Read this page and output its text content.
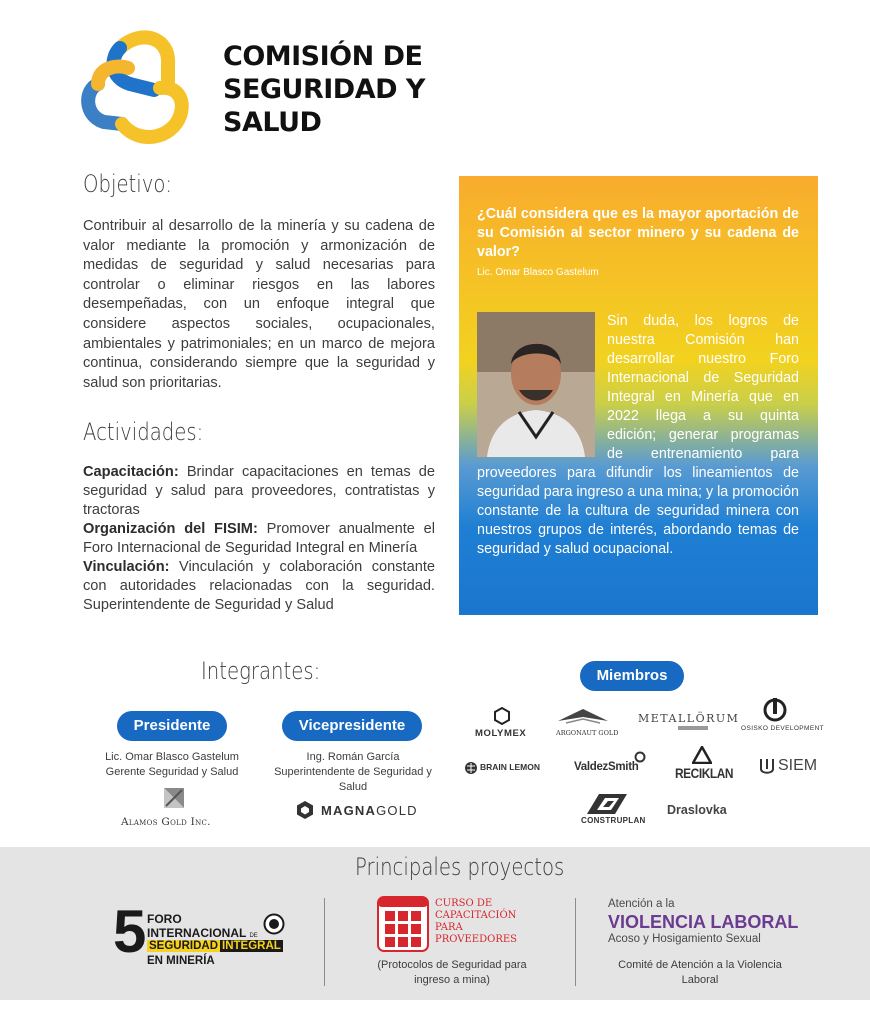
COMISIÓN DE
SEGURIDAD Y
SALUD
Objetivo:
Contribuir al desarrollo de la minería y su cadena de valor mediante la promoción y armonización de medidas de seguridad y salud necesarias para controlar o eliminar riesgos en las labores desempeñadas, con un enfoque integral que considere aspectos sociales, ocupacionales, ambientales y patrimoniales; en un marco de mejora continua, considerando siempre que la seguridad y salud son prioritarias.
Actividades:
Capacitación: Brindar capacitaciones en temas de seguridad y salud para proveedores, contratistas y tractoras
Organización del FISIM: Promover anualmente el Foro Internacional de Seguridad Integral en Minería
Vinculación: Vinculación y colaboración constante con autoridades relacionadas con la seguridad. Superintendente de Seguridad y Salud
¿Cuál considera que es la mayor aportación de su Comisión al sector minero y su cadena de valor?
Lic. Omar Blasco Gastelum
Sin duda, los logros de nuestra Comisión han desarrollar nuestro Foro Internacional de Seguridad Integral en Minería que en 2022 llega a su quinta edición; generar programas de entrenamiento para proveedores para difundir los lineamientos de seguridad para ingreso a una mina; y la promoción constante de la cultura de seguridad minera con nuestros grupos de interés, abordando temas de seguridad y salud ocupacional.
Integrantes:
Presidente
Lic. Omar Blasco Gastelum
Gerente Seguridad y Salud
Alamos Gold Inc.
Vicepresidente
Ing. Román García
Superintendente de Seguridad y Salud
MAGNAGOLD
Miembros
MOLYMEX	ARGONAUT GOLD
METALLÖRUM
OSISKO DEVELOPMENT
BRAIN LEMON	ValdezSmith	RECIKLAN	SIEM
CONSTRUPLAN
Draslovka
Principales proyectos
5 FORO
INTERNACIONAL DE
SEGURIDAD INTEGRAL
EN MINERÍA
CURSO DE
CAPACITACIÓN
PARA
PROVEEDORES
(Protocolos de Seguridad para ingreso a mina)
Atención a la
VIOLENCIA LABORAL
Acoso y Hosigamiento Sexual
Comité de Atención a la Violencia Laboral
